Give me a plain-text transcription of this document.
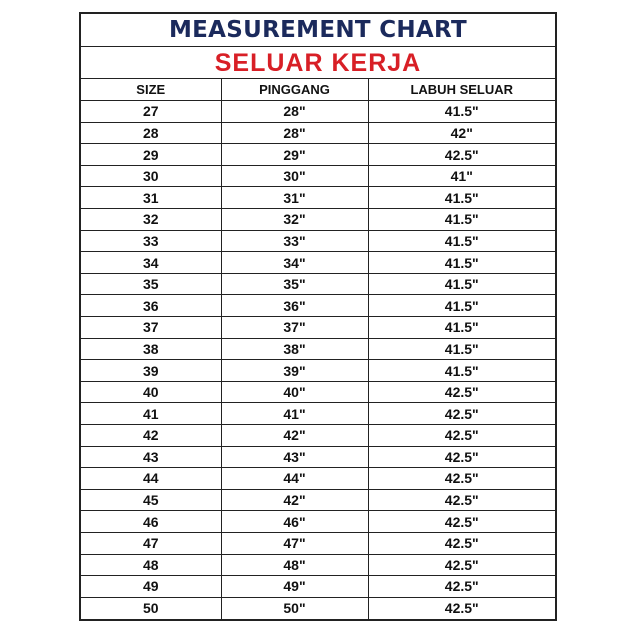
MEASUREMENT CHART
SELUAR KERJA
SIZE	PINGGANG	LABUH SELUAR
27	28"	41.5"
28	28"	42"
29	29"	42.5"
30	30"	41"
31	31"	41.5"
32	32"	41.5"
33	33"	41.5"
34	34"	41.5"
35	35"	41.5"
36	36"	41.5"
37	37"	41.5"
38	38"	41.5"
39	39"	41.5"
40	40"	42.5"
41	41"	42.5"
42	42"	42.5"
43	43"	42.5"
44	44"	42.5"
45	42"	42.5"
46	46"	42.5"
47	47"	42.5"
48	48"	42.5"
49	49"	42.5"
50	50"	42.5"
